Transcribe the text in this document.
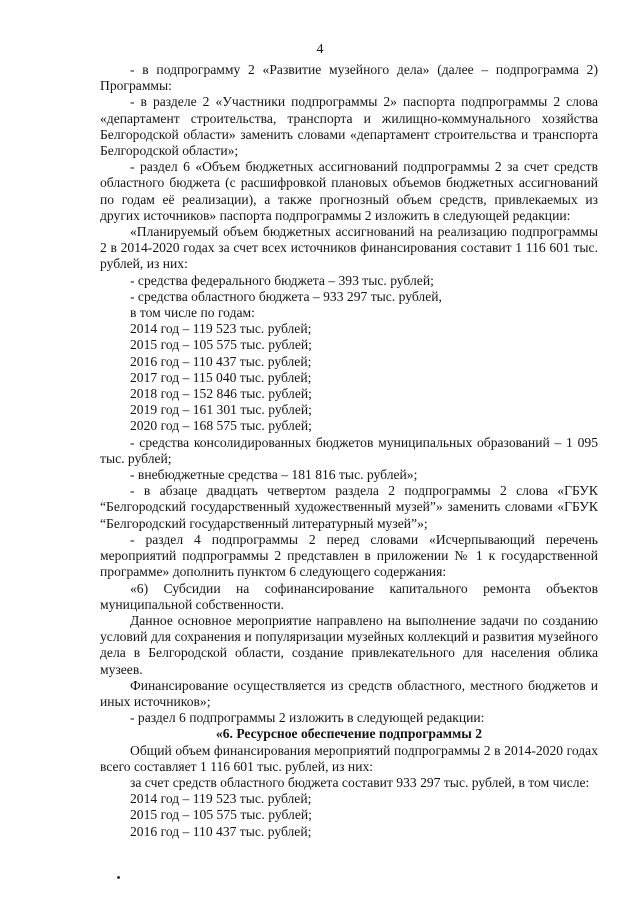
4

- в подпрограмму 2 «Развитие музейного дела» (далее – подпрограмма 2) Программы:

- в разделе 2 «Участники подпрограммы 2» паспорта подпрограммы 2 слова «департамент строительства, транспорта и жилищно-коммунального хозяйства Белгородской области» заменить словами «департамент строительства и транспорта Белгородской области»;

- раздел 6 «Объем бюджетных ассигнований подпрограммы 2 за счет средств областного бюджета (с расшифровкой плановых объемов бюджетных ассигнований по годам её реализации), а также прогнозный объем средств, привлекаемых из других источников» паспорта подпрограммы 2 изложить в следующей редакции:

«Планируемый объем бюджетных ассигнований на реализацию подпрограммы 2 в 2014-2020 годах за счет всех источников финансирования составит 1 116 601 тыс. рублей, из них:

- средства федерального бюджета – 393 тыс. рублей;

- средства областного бюджета – 933 297 тыс. рублей,

в том числе по годам:

2014 год – 119 523 тыс. рублей;

2015 год – 105 575 тыс. рублей;

2016 год – 110 437 тыс. рублей;

2017 год – 115 040 тыс. рублей;

2018 год – 152 846 тыс. рублей;

2019 год – 161 301 тыс. рублей;

2020 год – 168 575 тыс. рублей;

- средства консолидированных бюджетов муниципальных образований – 1 095 тыс. рублей;

- внебюджетные средства – 181 816 тыс. рублей»;

- в абзаце двадцать четвертом раздела 2 подпрограммы 2 слова «ГБУК “Белгородский государственный художественный музей”» заменить словами «ГБУК “Белгородский государственный литературный музей”»;

- раздел 4 подпрограммы 2 перед словами «Исчерпывающий перечень мероприятий подпрограммы 2 представлен в приложении № 1 к государственной программе» дополнить пунктом 6 следующего содержания:

«6) Субсидии на софинансирование капитального ремонта объектов муниципальной собственности.

Данное основное мероприятие направлено на выполнение задачи по созданию условий для сохранения и популяризации музейных коллекций и развития музейного дела в Белгородской области, создание привлекательного для населения облика музеев.

Финансирование осуществляется из средств областного, местного бюджетов и иных источников»;

- раздел 6 подпрограммы 2 изложить в следующей редакции:

«6. Ресурсное обеспечение подпрограммы 2

Общий объем финансирования мероприятий подпрограммы 2 в 2014-2020 годах всего составляет 1 116 601 тыс. рублей, из них:

за счет средств областного бюджета составит 933 297 тыс. рублей, в том числе:

2014 год – 119 523 тыс. рублей;

2015 год – 105 575 тыс. рублей;

2016 год – 110 437 тыс. рублей;
